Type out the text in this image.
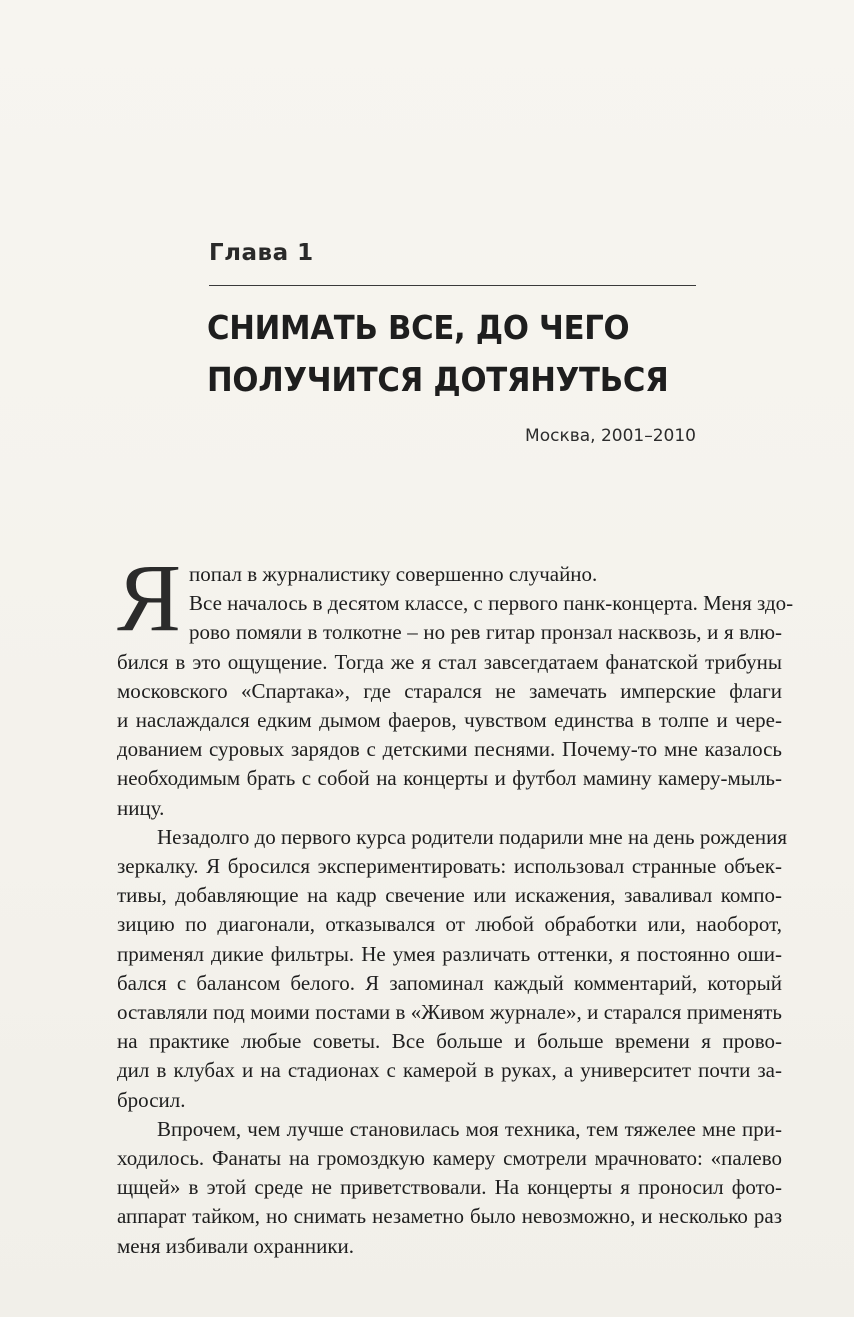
Глава 1
СНИМАТЬ ВСЕ, ДО ЧЕГО
ПОЛУЧИТСЯ ДОТЯНУТЬСЯ
Москва, 2001–2010
Я попал в журналистику совершенно случайно.
Все началось в десятом классе, с первого панк-концерта. Меня здо-
рово помяли в толкотне – но рев гитар пронзал насквозь, и я влю-
бился в это ощущение. Тогда же я стал завсегдатаем фанатской трибуны
московского «Спартака», где старался не замечать имперские флаги
и наслаждался едким дымом фаеров, чувством единства в толпе и чере-
дованием суровых зарядов с детскими песнями. Почему-то мне казалось
необходимым брать с собой на концерты и футбол мамину камеру-мыль-
ницу.
Незадолго до первого курса родители подарили мне на день рождения
зеркалку. Я бросился экспериментировать: использовал странные объек-
тивы, добавляющие на кадр свечение или искажения, заваливал компо-
зицию по диагонали, отказывался от любой обработки или, наоборот,
применял дикие фильтры. Не умея различать оттенки, я постоянно оши-
бался с балансом белого. Я запоминал каждый комментарий, который
оставляли под моими постами в «Живом журнале», и старался применять
на практике любые советы. Все больше и больше времени я прово-
дил в клубах и на стадионах с камерой в руках, а университет почти за-
бросил.
Впрочем, чем лучше становилась моя техника, тем тяжелее мне при-
ходилось. Фанаты на громоздкую камеру смотрели мрачновато: «палево
щщей» в этой среде не приветствовали. На концерты я проносил фото-
аппарат тайком, но снимать незаметно было невозможно, и несколько раз
меня избивали охранники.
